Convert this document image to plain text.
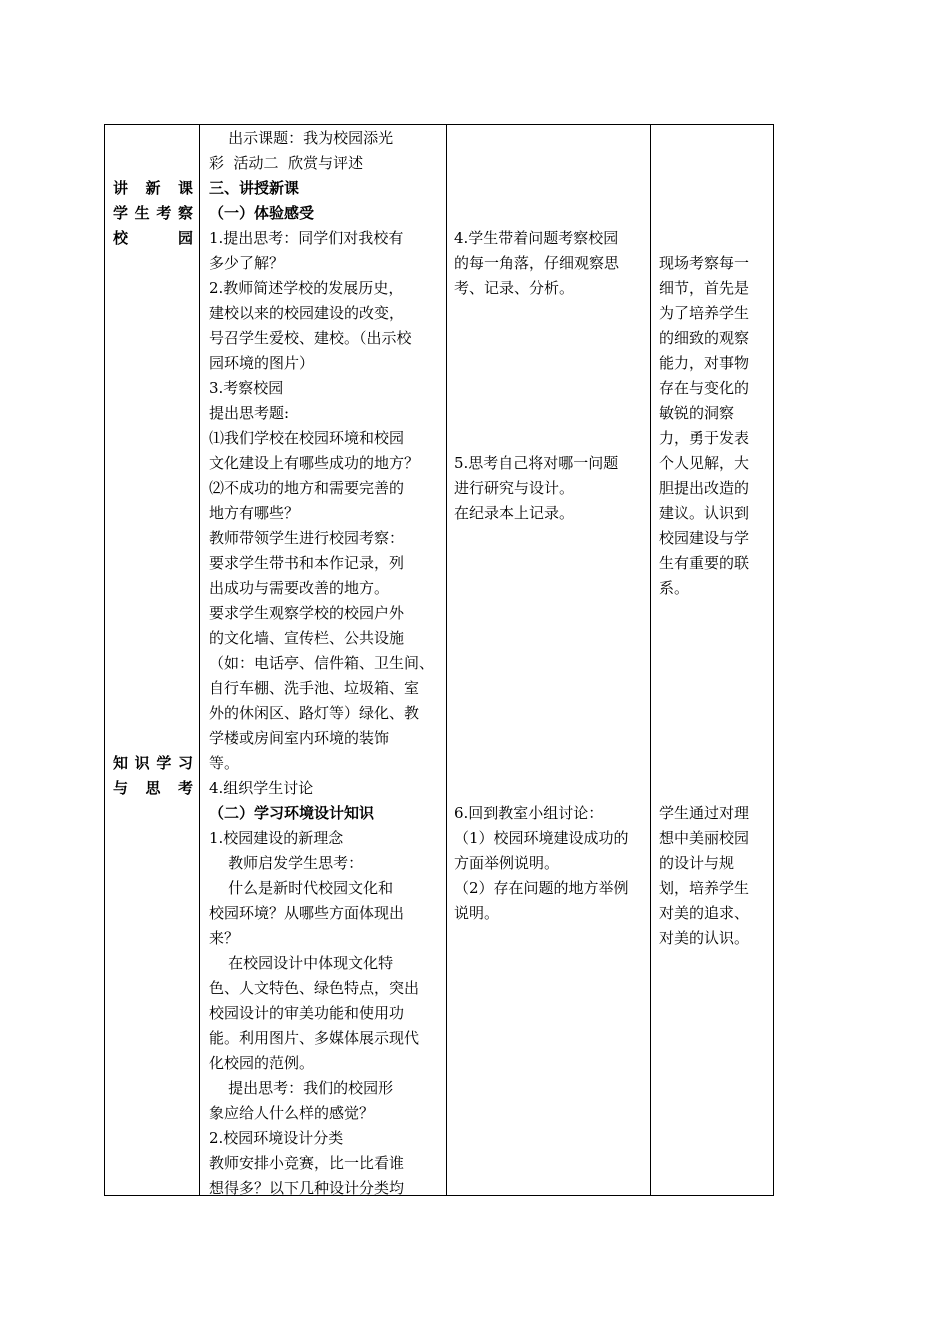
讲新课
学生考察
校园
知识学习
与思考
出示课题：我为校园添光
彩  活动二  欣赏与评述
三、讲授新课
（一）体验感受
1.提出思考：同学们对我校有
多少了解？
2.教师简述学校的发展历史，
建校以来的校园建设的改变，
号召学生爱校、建校。（出示校
园环境的图片）
3.考察校园
提出思考题:
⑴我们学校在校园环境和校园
文化建设上有哪些成功的地方？
⑵不成功的地方和需要完善的
地方有哪些？
教师带领学生进行校园考察：
要求学生带书和本作记录，列
出成功与需要改善的地方。
要求学生观察学校的校园户外
的文化墙、宣传栏、公共设施
（如：电话亭、信件箱、卫生间、
自行车棚、洗手池、垃圾箱、室
外的休闲区、路灯等）绿化、教
学楼或房间室内环境的装饰
等。
4.组织学生讨论
（二）学习环境设计知识
1.校园建设的新理念
教师启发学生思考：
什么是新时代校园文化和
校园环境？从哪些方面体现出
来？
在校园设计中体现文化特
色、人文特色、绿色特点，突出
校园设计的审美功能和使用功
能。利用图片、多媒体展示现代
化校园的范例。
提出思考：我们的校园形
象应给人什么样的感觉？
2.校园环境设计分类
教师安排小竞赛，比一比看谁
想得多？以下几种设计分类均
4.学生带着问题考察校园
的每一角落，仔细观察思
考、记录、分析。
5.思考自己将对哪一问题
进行研究与设计。
在纪录本上记录。
6.回到教室小组讨论：
（1）校园环境建设成功的
方面举例说明。
（2）存在问题的地方举例
说明。
现场考察每一
细节，首先是
为了培养学生
的细致的观察
能力，对事物
存在与变化的
敏锐的洞察
力，勇于发表
个人见解，大
胆提出改造的
建议。认识到
校园建设与学
生有重要的联
系。
学生通过对理
想中美丽校园
的设计与规
划，培养学生
对美的追求、
对美的认识。
